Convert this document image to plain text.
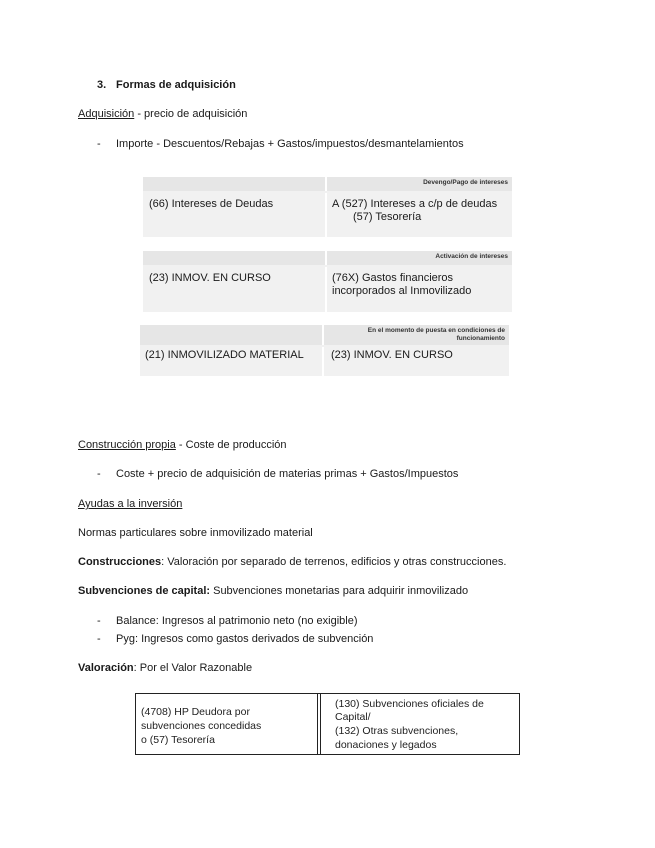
3. Formas de adquisición
Adquisición - precio de adquisición
- Importe - Descuentos/Rebajas + Gastos/impuestos/desmantelamientos
Devengo/Pago de intereses
(66) Intereses de Deudas	A (527) Intereses a c/p de deudas
(57) Tesorería
Activación de intereses
(23) INMOV. EN CURSO	(76X) Gastos financieros
incorporados al Inmovilizado
En el momento de puesta en condiciones de
funcionamiento
(21) INMOVILIZADO MATERIAL (23) INMOV. EN CURSO
Construcción propia - Coste de producción
- Coste + precio de adquisición de materias primas + Gastos/Impuestos
Ayudas a la inversión
Normas particulares sobre inmovilizado material
Construcciones: Valoración por separado de terrenos, edificios y otras construcciones.
Subvenciones de capital: Subvenciones monetarias para adquirir inmovilizado
- Balance: Ingresos al patrimonio neto (no exigible)
- Pyg: Ingresos como gastos derivados de subvención
Valoración: Por el Valor Razonable
(4708) HP Deudora por
subvenciones concedidas
o (57) Tesorería
(130) Subvenciones oficiales de
Capital/
(132) Otras subvenciones,
donaciones y legados
